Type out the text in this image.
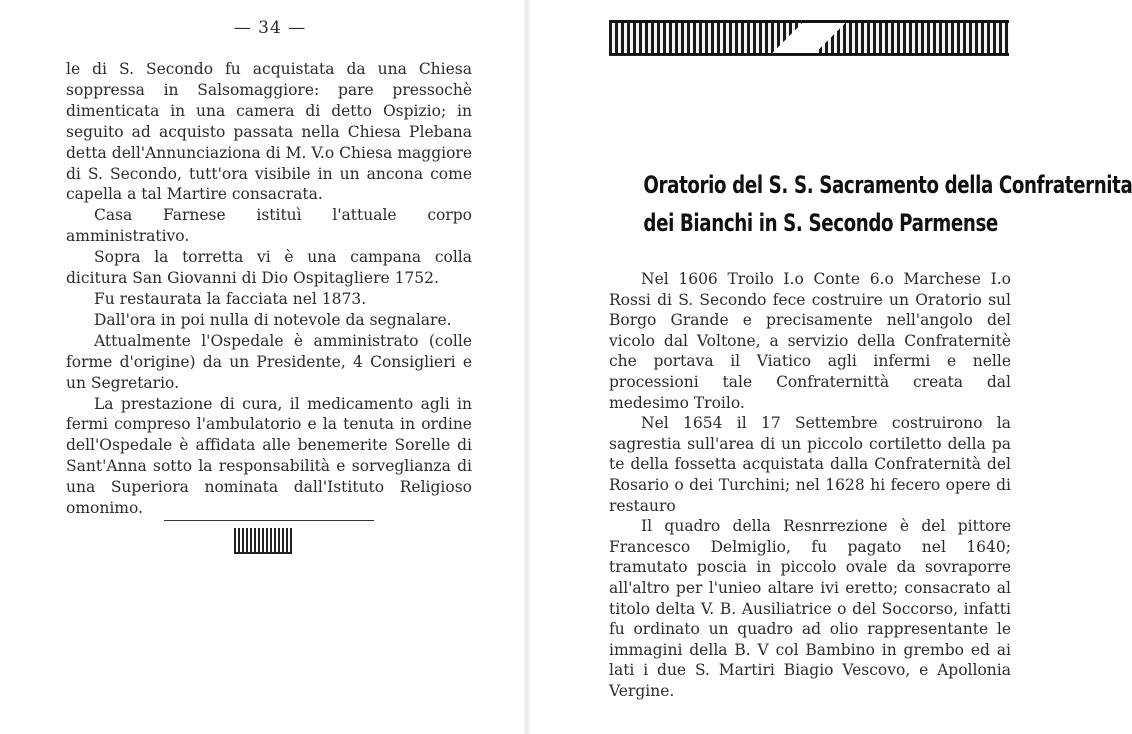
— 34 —

le di S. Secondo fu acquistata da una Chiesa soppressa in Salsomaggiore: pare pressochè dimenticata in una camera di detto Ospizio; in seguito ad acquisto passata nella Chiesa Plebana detta dell'Annunciaziona di M. V.o Chiesa maggiore di S. Secondo, tutt'ora visibile in un ancona come capella a tal Martire consacrata.

Casa Farnese istituì l'attuale corpo amministrativo.

Sopra la torretta vi è una campana colla dicitura San Giovanni di Dio Ospitagliere 1752.

Fu restaurata la facciata nel 1873.

Dall'ora in poi nulla di notevole da segnalare.

Attualmente l'Ospedale è amministrato (colle forme d'origine) da un Presidente, 4 Consiglieri e un Segretario.

La prestazione di cura, il medicamento agli in fermi compreso l'ambulatorio e la tenuta in ordine dell'Ospedale è affidata alle benemerite Sorelle di Sant'Anna sotto la responsabilità e sorveglianza di una Superiora nominata dall'Istituto Religioso omonimo.

Oratorio del S. S. Sacramento della Confraternita
dei Bianchi in S. Secondo Parmense

Nel 1606 Troilo I.o Conte 6.o Marchese I.o Rossi di S. Secondo fece costruire un Oratorio sul Borgo Grande e precisamente nell'angolo del vicolo dal Voltone, a servizio della Confraternitè che portava il Viatico agli infermi e nelle processioni tale Confraternittà creata dal medesimo Troilo.

Nel 1654 il 17 Settembre costruirono la sagrestia sull'area di un piccolo cortiletto della pa te della fossetta acquistata dalla Confraternità del Rosario o dei Turchini; nel 1628 hi fecero opere di restauro

Il quadro della Resnrrezione è del pittore Francesco Delmiglio, fu pagato nel 1640; tramutato poscia in piccolo ovale da sovraporre all'altro per l'unieo altare ivi eretto; consacrato al titolo delta V. B. Ausiliatrice o del Soccorso, infatti fu ordinato un quadro ad olio rappresentante le immagini della B. V col Bambino in grembo ed ai lati i due S. Martiri Biagio Vescovo, e Apollonia Vergine.
